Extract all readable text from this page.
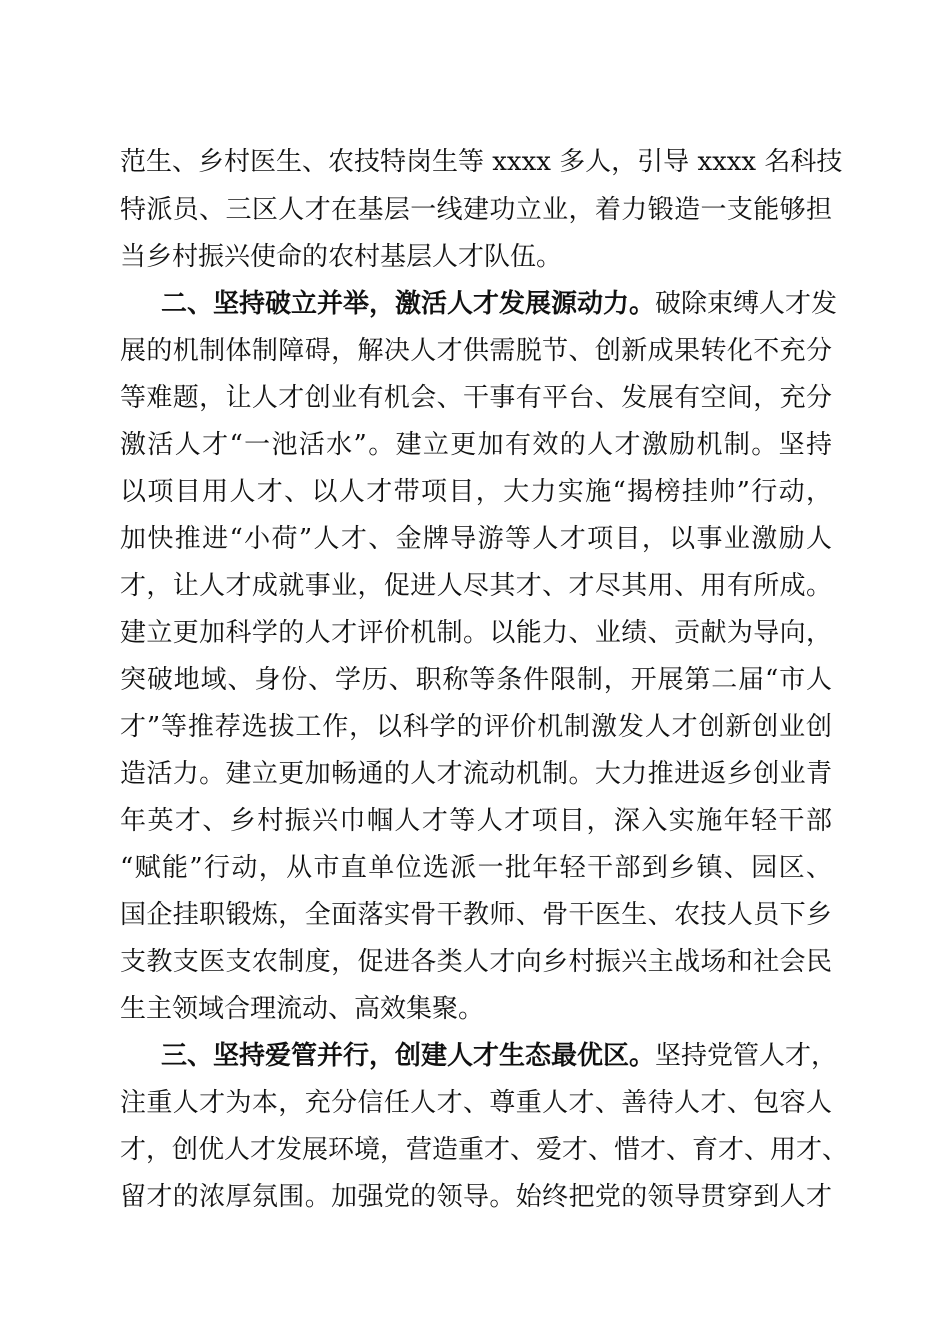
范生、乡村医生、农技特岗生等 xxxx 多人，引导 xxxx 名科技
特派员、三区人才在基层一线建功立业，着力锻造一支能够担
当乡村振兴使命的农村基层人才队伍。
二、坚持破立并举，激活人才发展源动力。破除束缚人才发
展的机制体制障碍，解决人才供需脱节、创新成果转化不充分
等难题，让人才创业有机会、干事有平台、发展有空间，充分
激活人才“一池活水”。建立更加有效的人才激励机制。坚持
以项目用人才、以人才带项目，大力实施“揭榜挂帅”行动，
加快推进“小荷”人才、金牌导游等人才项目，以事业激励人
才，让人才成就事业，促进人尽其才、才尽其用、用有所成。
建立更加科学的人才评价机制。以能力、业绩、贡献为导向，
突破地域、身份、学历、职称等条件限制，开展第二届“市人
才”等推荐选拔工作，以科学的评价机制激发人才创新创业创
造活力。建立更加畅通的人才流动机制。大力推进返乡创业青
年英才、乡村振兴巾帼人才等人才项目，深入实施年轻干部
“赋能”行动，从市直单位选派一批年轻干部到乡镇、园区、
国企挂职锻炼，全面落实骨干教师、骨干医生、农技人员下乡
支教支医支农制度，促进各类人才向乡村振兴主战场和社会民
生主领域合理流动、高效集聚。
三、坚持爱管并行，创建人才生态最优区。坚持党管人才，
注重人才为本，充分信任人才、尊重人才、善待人才、包容人
才，创优人才发展环境，营造重才、爱才、惜才、育才、用才、
留才的浓厚氛围。加强党的领导。始终把党的领导贯穿到人才
